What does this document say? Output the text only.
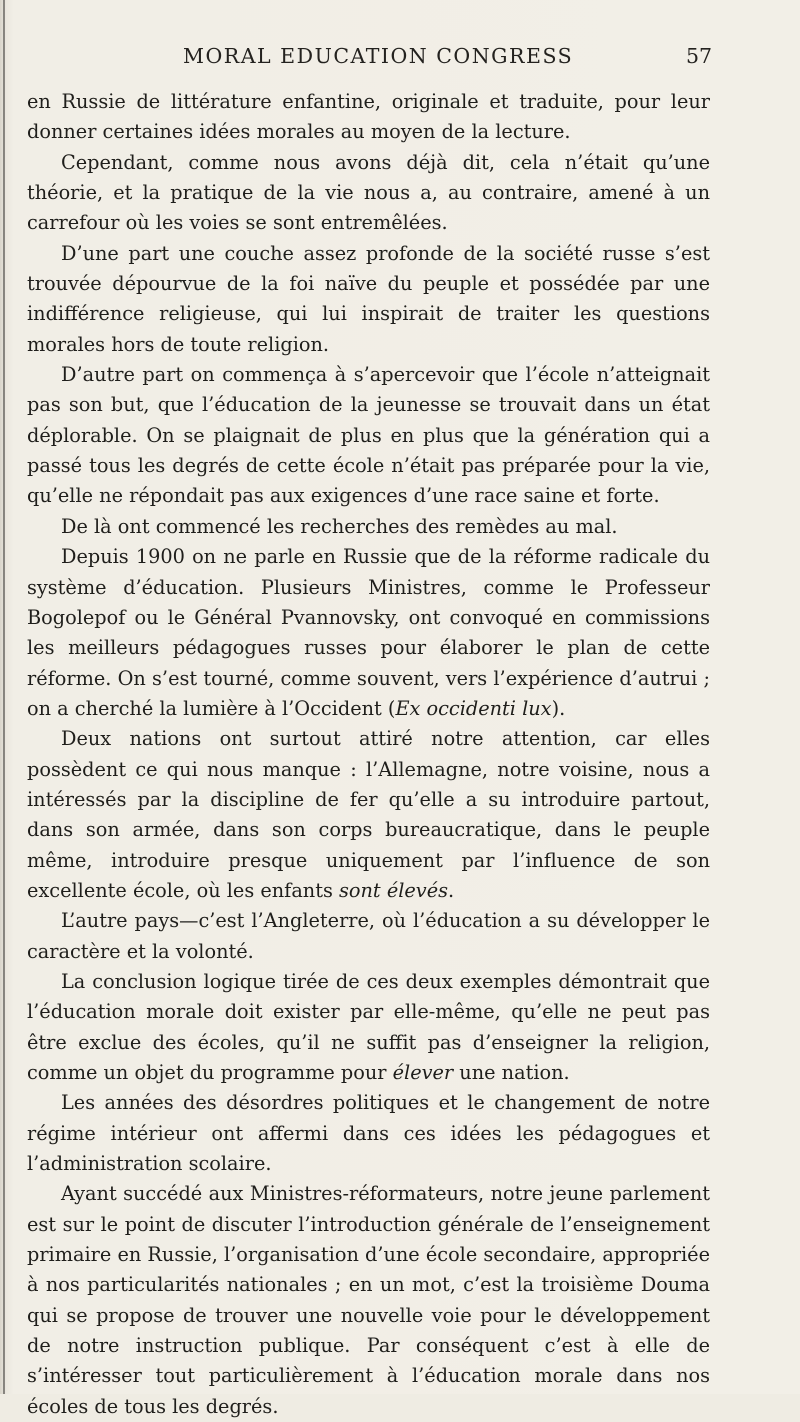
MORAL EDUCATION CONGRESS	57

en Russie de littérature enfantine, originale et traduite, pour leur donner certaines idées morales au moyen de la lecture.

Cependant, comme nous avons déjà dit, cela n’était qu’une théorie, et la pratique de la vie nous a, au contraire, amené à un carrefour où les voies se sont entremêlées.

D’une part une couche assez profonde de la société russe s’est trouvée dépourvue de la foi naïve du peuple et possédée par une indifférence religieuse, qui lui inspirait de traiter les questions morales hors de toute religion.

D’autre part on commença à s’apercevoir que l’école n’atteignait pas son but, que l’éducation de la jeunesse se trouvait dans un état déplorable. On se plaignait de plus en plus que la génération qui a passé tous les degrés de cette école n’était pas préparée pour la vie, qu’elle ne répondait pas aux exigences d’une race saine et forte.

De là ont commencé les recherches des remèdes au mal.

Depuis 1900 on ne parle en Russie que de la réforme radicale du système d’éducation. Plusieurs Ministres, comme le Professeur Bogolepof ou le Général Pvannovsky, ont convoqué en commissions les meilleurs pédagogues russes pour élaborer le plan de cette réforme. On s’est tourné, comme souvent, vers l’expérience d’autrui ; on a cherché la lumière à l’Occident (Ex occidenti lux).

Deux nations ont surtout attiré notre attention, car elles possèdent ce qui nous manque : l’Allemagne, notre voisine, nous a intéressés par la discipline de fer qu’elle a su introduire partout, dans son armée, dans son corps bureaucratique, dans le peuple même, introduire presque uniquement par l’influence de son excellente école, où les enfants sont élevés.

L’autre pays—c’est l’Angleterre, où l’éducation a su développer le caractère et la volonté.

La conclusion logique tirée de ces deux exemples démontrait que l’éducation morale doit exister par elle-même, qu’elle ne peut pas être exclue des écoles, qu’il ne suffit pas d’enseigner la religion, comme un objet du programme pour élever une nation.

Les années des désordres politiques et le changement de notre régime intérieur ont affermi dans ces idées les pédagogues et l’administration scolaire.

Ayant succédé aux Ministres-réformateurs, notre jeune parlement est sur le point de discuter l’introduction générale de l’enseignement primaire en Russie, l’organisation d’une école secondaire, appropriée à nos particularités nationales ; en un mot, c’est la troisième Douma qui se propose de trouver une nouvelle voie pour le développement de notre instruction publique. Par conséquent c’est à elle de s’intéresser tout particulièrement à l’éducation morale dans nos écoles de tous les degrés.
